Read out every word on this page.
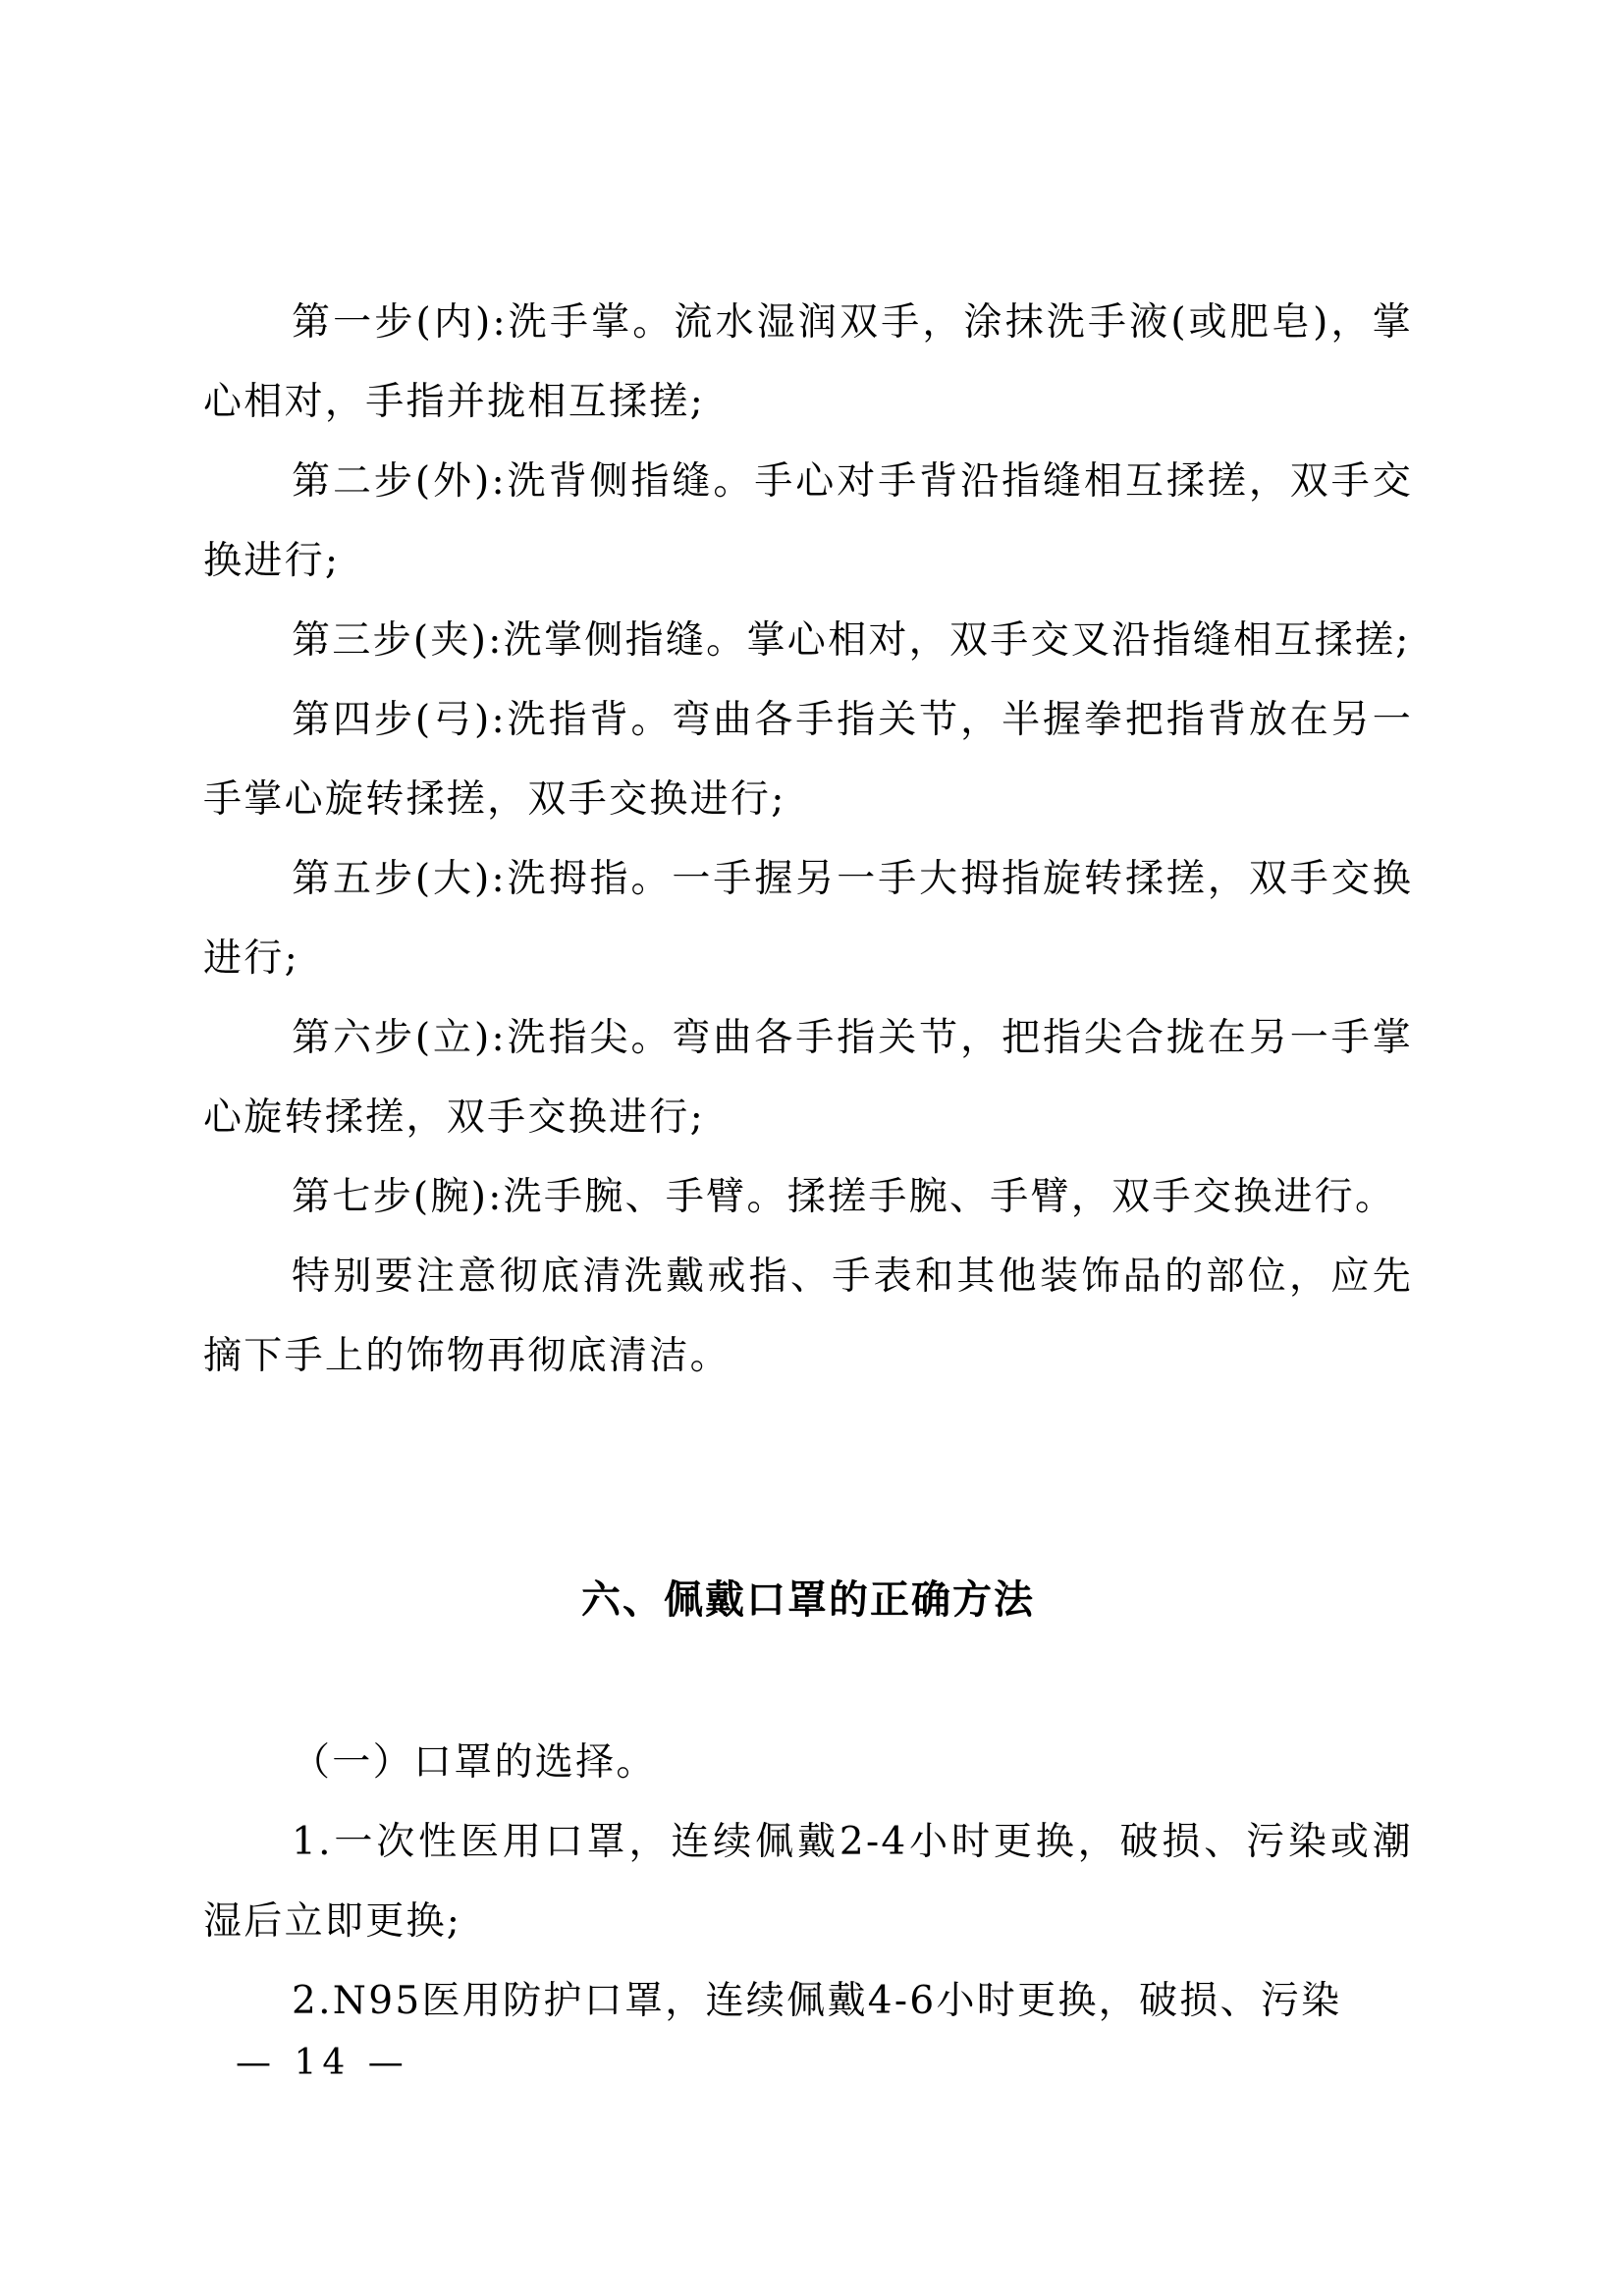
第一步(内):洗手掌。流水湿润双手，涂抹洗手液(或肥皂)，掌心相对，手指并拢相互揉搓;

第二步(外):洗背侧指缝。手心对手背沿指缝相互揉搓，双手交换进行;

第三步(夹):洗掌侧指缝。掌心相对，双手交叉沿指缝相互揉搓;

第四步(弓):洗指背。弯曲各手指关节，半握拳把指背放在另一手掌心旋转揉搓，双手交换进行;

第五步(大):洗拇指。一手握另一手大拇指旋转揉搓，双手交换进行;

第六步(立):洗指尖。弯曲各手指关节，把指尖合拢在另一手掌心旋转揉搓，双手交换进行;

第七步(腕):洗手腕、手臂。揉搓手腕、手臂，双手交换进行。

特别要注意彻底清洗戴戒指、手表和其他装饰品的部位，应先摘下手上的饰物再彻底清洁。

六、佩戴口罩的正确方法

（一）口罩的选择。

1.一次性医用口罩，连续佩戴2-4小时更换，破损、污染或潮湿后立即更换;

2.N95医用防护口罩，连续佩戴4-6小时更换，破损、污染

— 14 —
